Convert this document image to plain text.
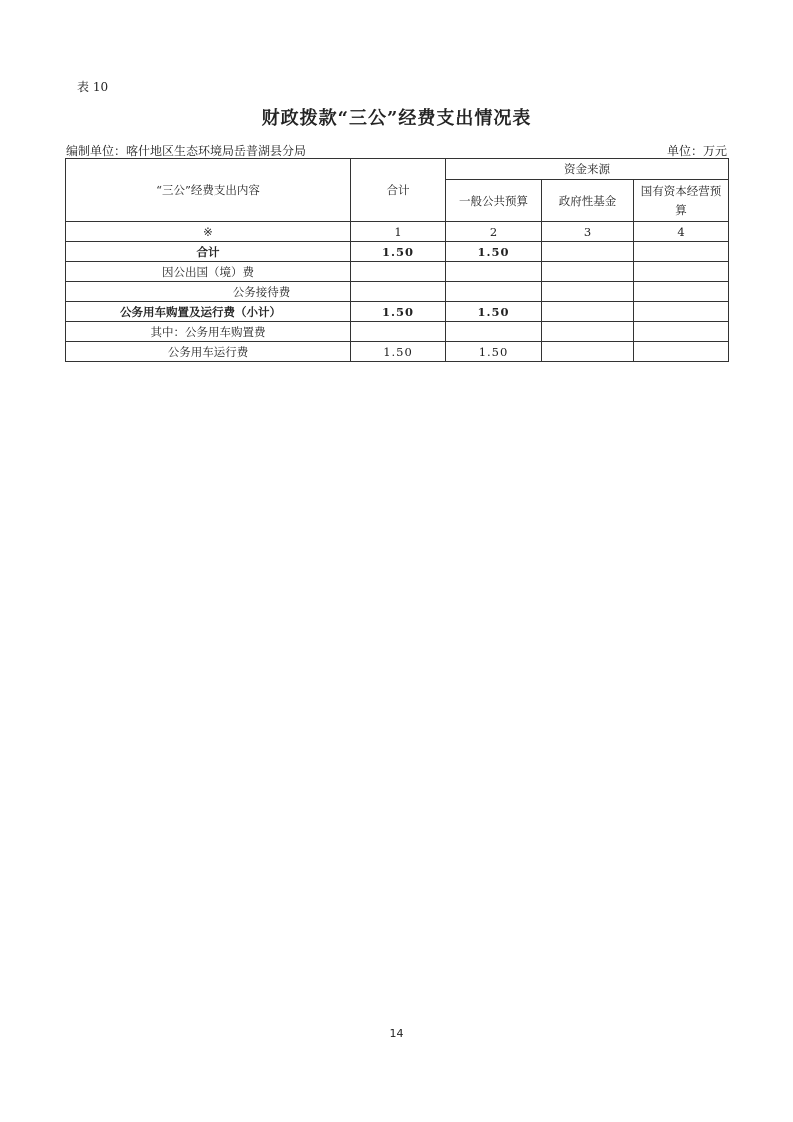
表 10
财政拨款“三公”经费支出情况表
编制单位：喀什地区生态环境局岳普湖县分局	单位：万元
“三公”经费支出内容	合计	资金来源		
		一般公共预算	政府性基金	国有资本经营预算
※	1	2	3	4
合计	1.50	1.50		
因公出国（境）费				
公务接待费				
公务用车购置及运行费（小计）	1.50	1.50		
其中：公务用车购置费				
公务用车运行费	1.50	1.50		
14
